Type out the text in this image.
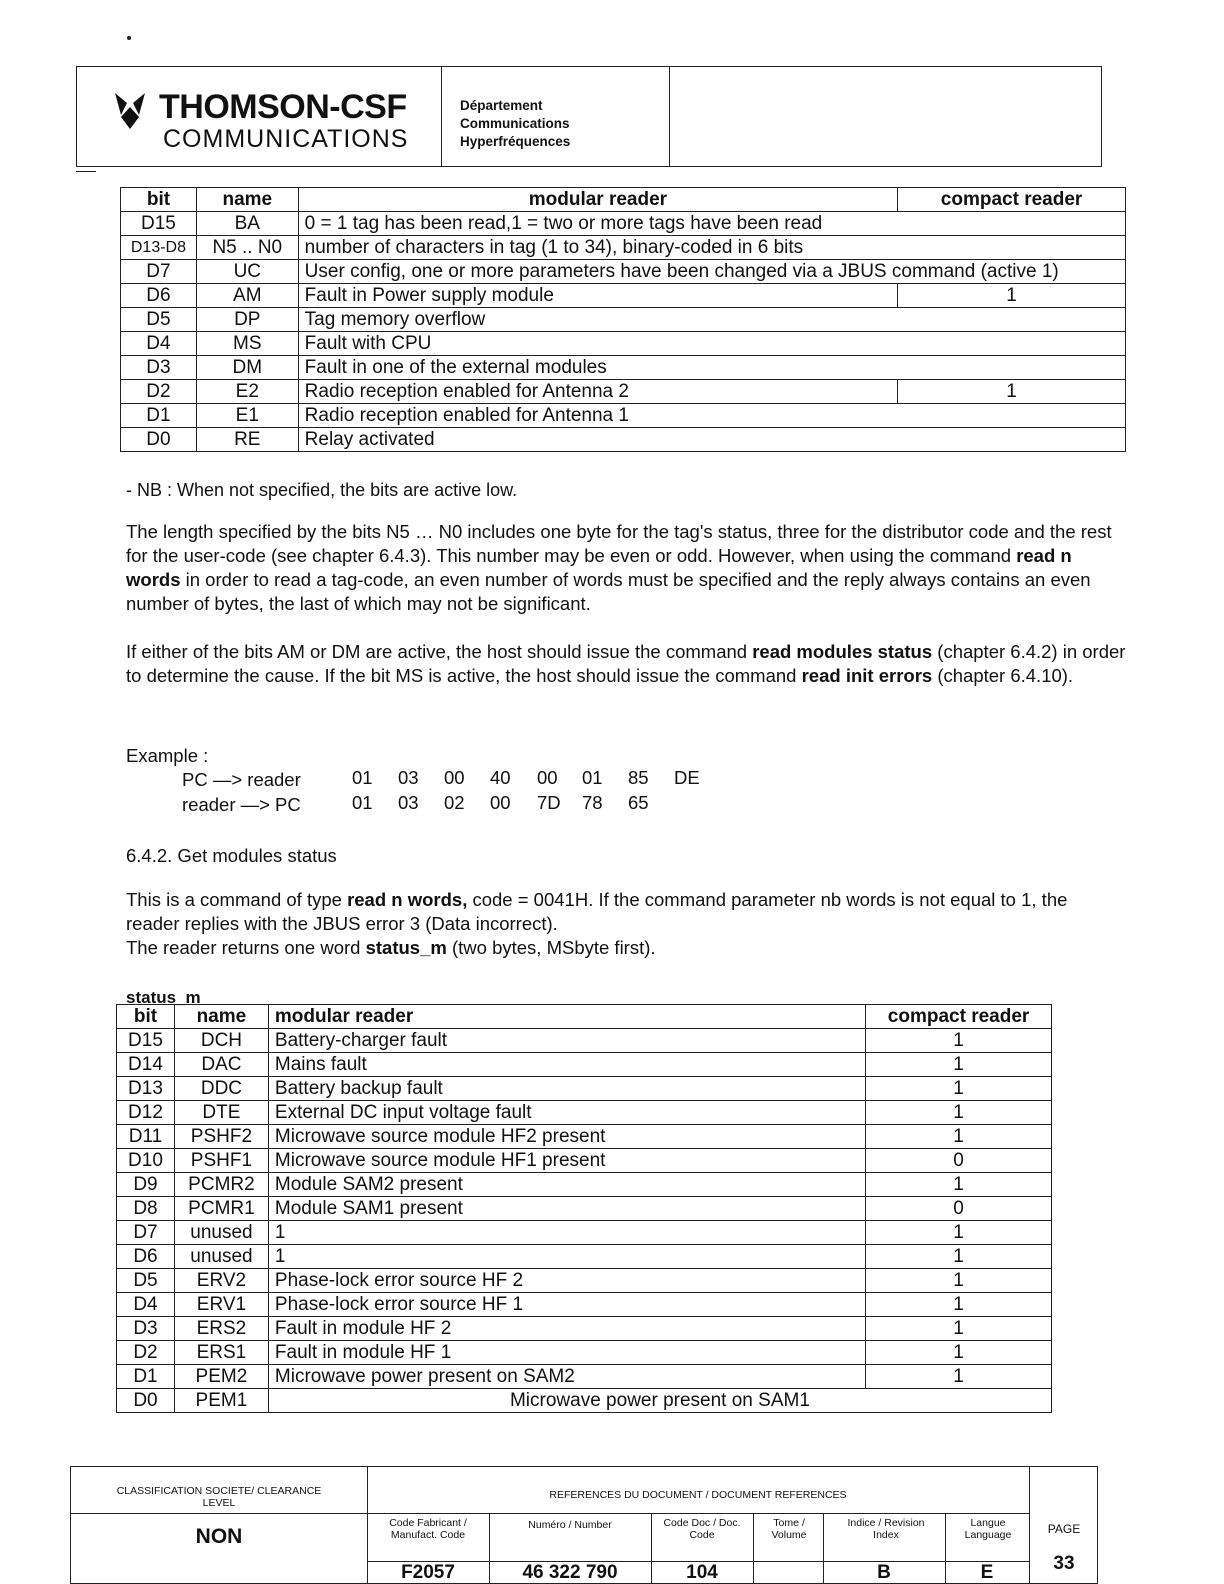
THOMSON-CSF
COMMUNICATIONS
Département
Communications
Hyperfréquences
bit	name	modular reader	compact reader
D15	BA	0 = 1 tag has been read,1 = two or more tags have been read	
D13-D8	N5 .. N0	number of characters in tag (1 to 34), binary-coded in 6 bits	
D7	UC	User config, one or more parameters have been changed via a JBUS command (active 1)	
D6	AM	Fault in Power supply module	1
D5	DP	Tag memory overflow	
D4	MS	Fault with CPU	
D3	DM	Fault in one of the external modules	
D2	E2	Radio reception enabled for Antenna 2	1
D1	E1	Radio reception enabled for Antenna 1	
D0	RE	Relay activated	
- NB : When not specified, the bits are active low.
The length specified by the bits N5 … N0 includes one byte for the tag's status, three for the distributor code and the rest for the user-code (see chapter 6.4.3). This number may be even or odd. However, when using the command read n words in order to read a tag-code, an even number of words must be specified and the reply always contains an even number of bytes, the last of which may not be significant.
If either of the bits AM or DM are active, the host should issue the command read modules status (chapter 6.4.2) in order to determine the cause. If the bit MS is active, the host should issue the command read init errors (chapter 6.4.10).
Example :
PC —> reader	01 03 00 40 00 01 85 DE
reader —> PC	01 03 02 00 7D 78 65
6.4.2. Get modules status
This is a command of type read n words, code = 0041H. If the command parameter nb words is not equal to 1, the reader replies with the JBUS error 3 (Data incorrect).
The reader returns one word status_m (two bytes, MSbyte first).
status_m
bit	name	modular reader	compact reader
D15	DCH	Battery-charger fault	1
D14	DAC	Mains fault	1
D13	DDC	Battery backup fault	1
D12	DTE	External DC input voltage fault	1
D11	PSHF2	Microwave source module HF2 present	1
D10	PSHF1	Microwave source module HF1 present	0
D9	PCMR2	Module SAM2 present	1
D8	PCMR1	Module SAM1 present	0
D7	unused	1	1
D6	unused	1	1
D5	ERV2	Phase-lock error source HF 2	1
D4	ERV1	Phase-lock error source HF 1	1
D3	ERS2	Fault in module HF 2	1
D2	ERS1	Fault in module HF 1	1
D1	PEM2	Microwave power present on SAM2	1
D0	PEM1	Microwave power present on SAM1	
CLASSIFICATION SOCIETE/ CLEARANCE LEVEL
NON
REFERENCES DU DOCUMENT / DOCUMENT REFERENCES
Code Fabricant / Manufact. Code
Numéro / Number	Code Doc / Doc. Code
Tome / Volume
Indice / Revision Index
Langue Language	PAGE
F2057	46 322 790	104	B	E	33
